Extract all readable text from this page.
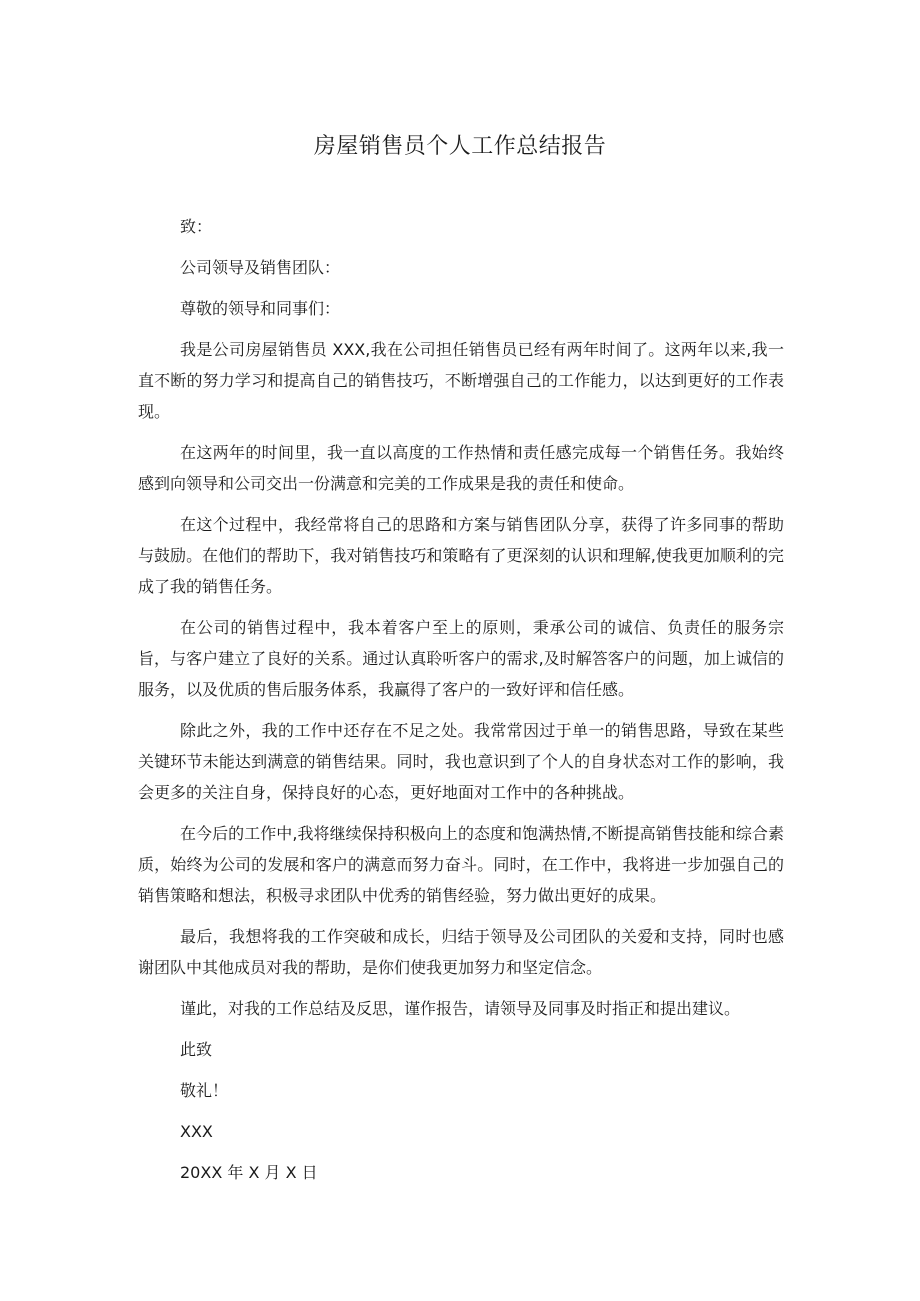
房屋销售员个人工作总结报告

致：

公司领导及销售团队：

尊敬的领导和同事们：

我是公司房屋销售员 XXX,我在公司担任销售员已经有两年时间了。这两年以来,我一直不断的努力学习和提高自己的销售技巧，不断增强自己的工作能力，以达到更好的工作表现。

在这两年的时间里，我一直以高度的工作热情和责任感完成每一个销售任务。我始终感到向领导和公司交出一份满意和完美的工作成果是我的责任和使命。

在这个过程中，我经常将自己的思路和方案与销售团队分享，获得了许多同事的帮助与鼓励。在他们的帮助下，我对销售技巧和策略有了更深刻的认识和理解,使我更加顺利的完成了我的销售任务。

在公司的销售过程中，我本着客户至上的原则，秉承公司的诚信、负责任的服务宗旨，与客户建立了良好的关系。通过认真聆听客户的需求,及时解答客户的问题，加上诚信的服务，以及优质的售后服务体系，我赢得了客户的一致好评和信任感。

除此之外，我的工作中还存在不足之处。我常常因过于单一的销售思路，导致在某些关键环节未能达到满意的销售结果。同时，我也意识到了个人的自身状态对工作的影响，我会更多的关注自身，保持良好的心态，更好地面对工作中的各种挑战。

在今后的工作中,我将继续保持积极向上的态度和饱满热情,不断提高销售技能和综合素质，始终为公司的发展和客户的满意而努力奋斗。同时，在工作中，我将进一步加强自己的销售策略和想法，积极寻求团队中优秀的销售经验，努力做出更好的成果。

最后，我想将我的工作突破和成长，归结于领导及公司团队的关爱和支持，同时也感谢团队中其他成员对我的帮助，是你们使我更加努力和坚定信念。

谨此，对我的工作总结及反思，谨作报告，请领导及同事及时指正和提出建议。

此致

敬礼！

XXX

20XX 年 X 月 X 日
